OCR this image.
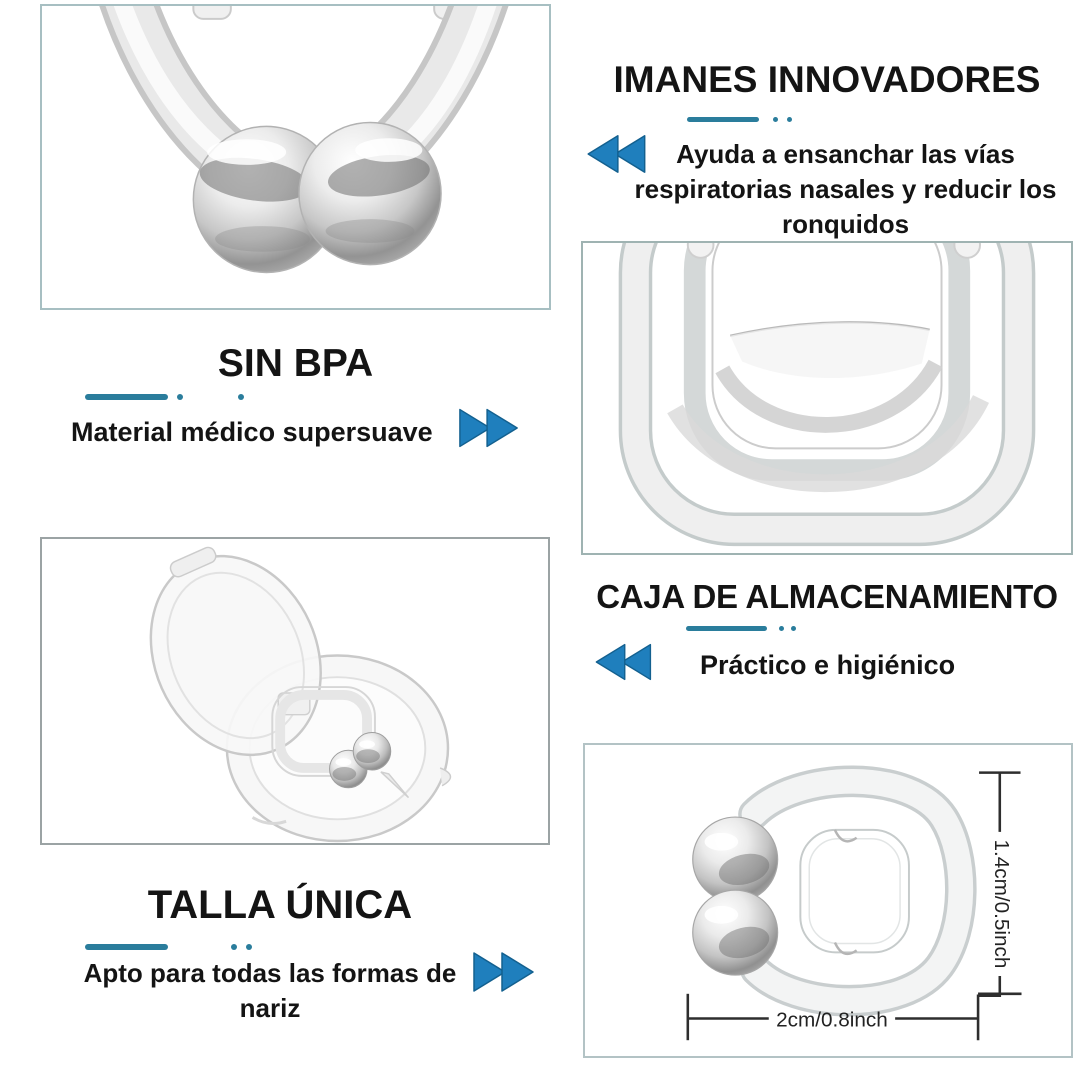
IMANES INNOVADORES
Ayuda a ensanchar las vías
respiratorias nasales y reducir los
ronquidos
SIN BPA
Material médico supersuave
TALLA ÚNICA
Apto para todas las formas de
nariz
CAJA DE ALMACENAMIENTO
Práctico e higiénico
1.4cm/0.5inch
2cm/0.8inch
